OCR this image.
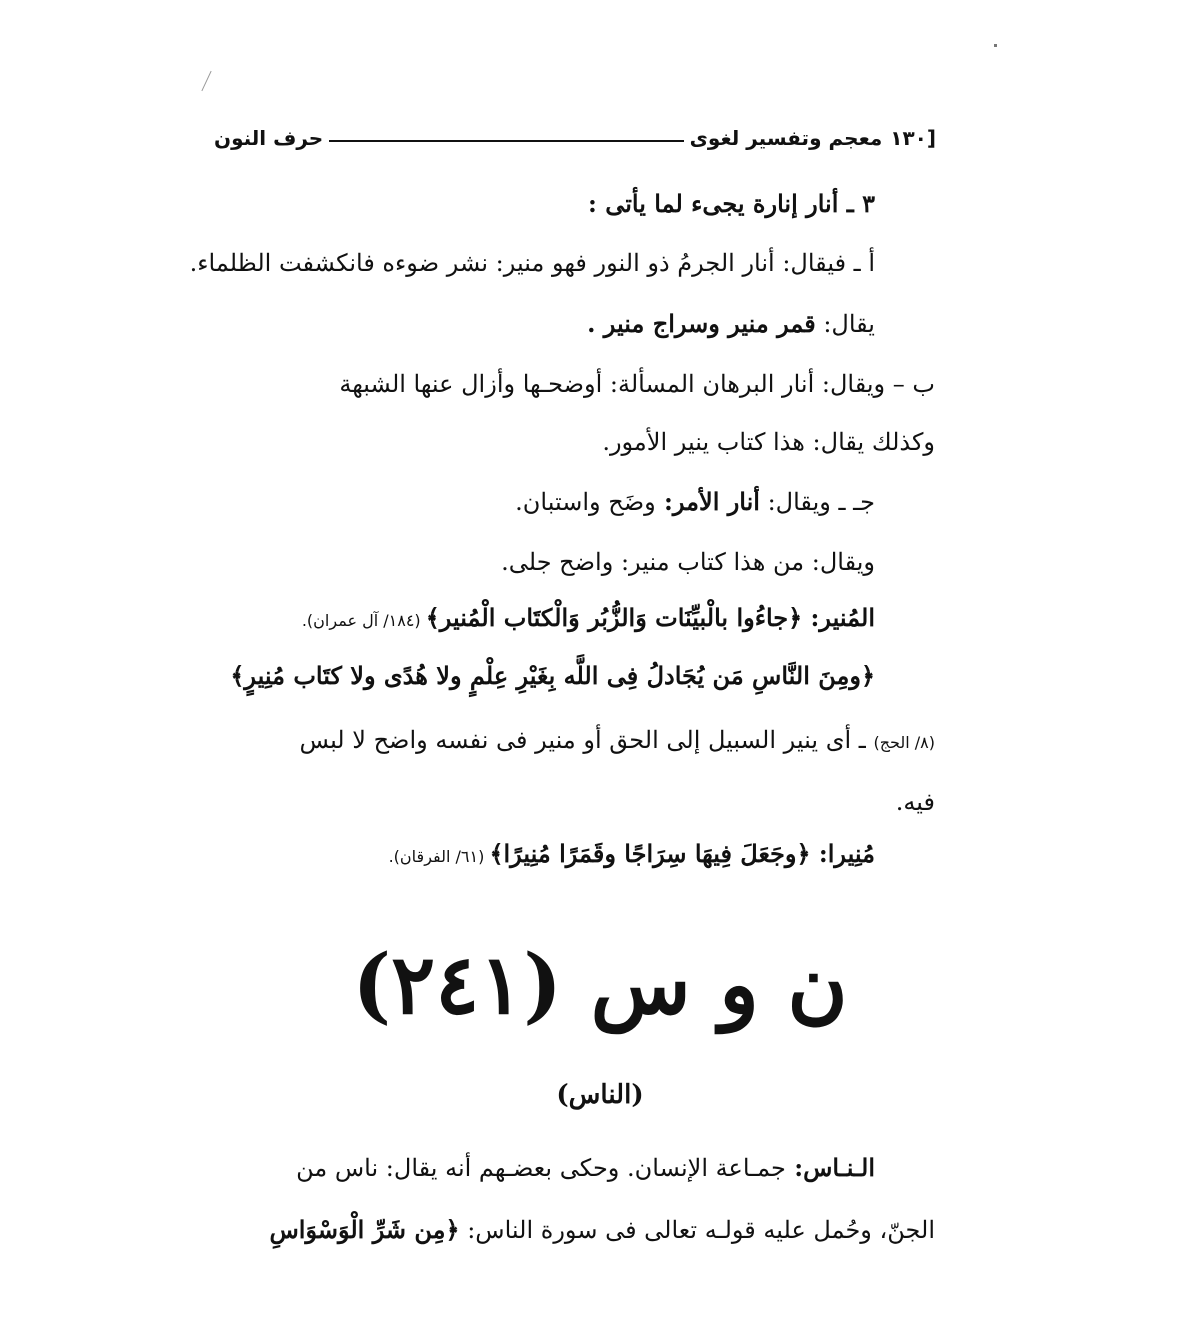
[١٣٠
معجم وتفسير لغوى
حرف النون
٣ ـ أنار إنارة يجىء لما يأتى :
أ ـ فيقال: أنار الجرمُ ذو النور فهو منير: نشر ضوءه فانكشفت الظلماء.
يقال: قمر منير وسراج منير .
ب – ويقال: أنار البرهان المسألة: أوضحـها وأزال عنها الشبهة
وكذلك يقال: هذا كتاب ينير الأمور.
جـ ـ ويقال: أنار الأمر: وضَح واستبان.
ويقال: من هذا كتاب منير: واضح جلى.
المُنير: ﴿جاءُوا بالْبيِّنَات وَالزُّبُر وَالْكتَاب الْمُنير﴾ (١٨٤/ آل عمران).
﴿ومِنَ النَّاسِ مَن يُجَادلُ فِى اللَّه بِغَيْرِ عِلْمٍ ولا هُدًى ولا كتَاب مُنِيرٍ﴾
(٨/ الحج) ـ أى ينير السبيل إلى الحق أو منير فى نفسه واضح لا لبس
فيه.
مُنِيرا: ﴿وجَعَلَ فِيهَا سِرَاجًا وقَمَرًا مُنِيرًا﴾ (٦١/ الفرقان).
ن و س (٢٤١)
(الناس)
الـنـاس: جمـاعة الإنسان. وحكى بعضـهم أنه يقال: ناس من
الجنّ، وحُمل عليه قولـه تعالى فى سورة الناس: ﴿مِن شَرِّ الْوَسْوَاسِ
